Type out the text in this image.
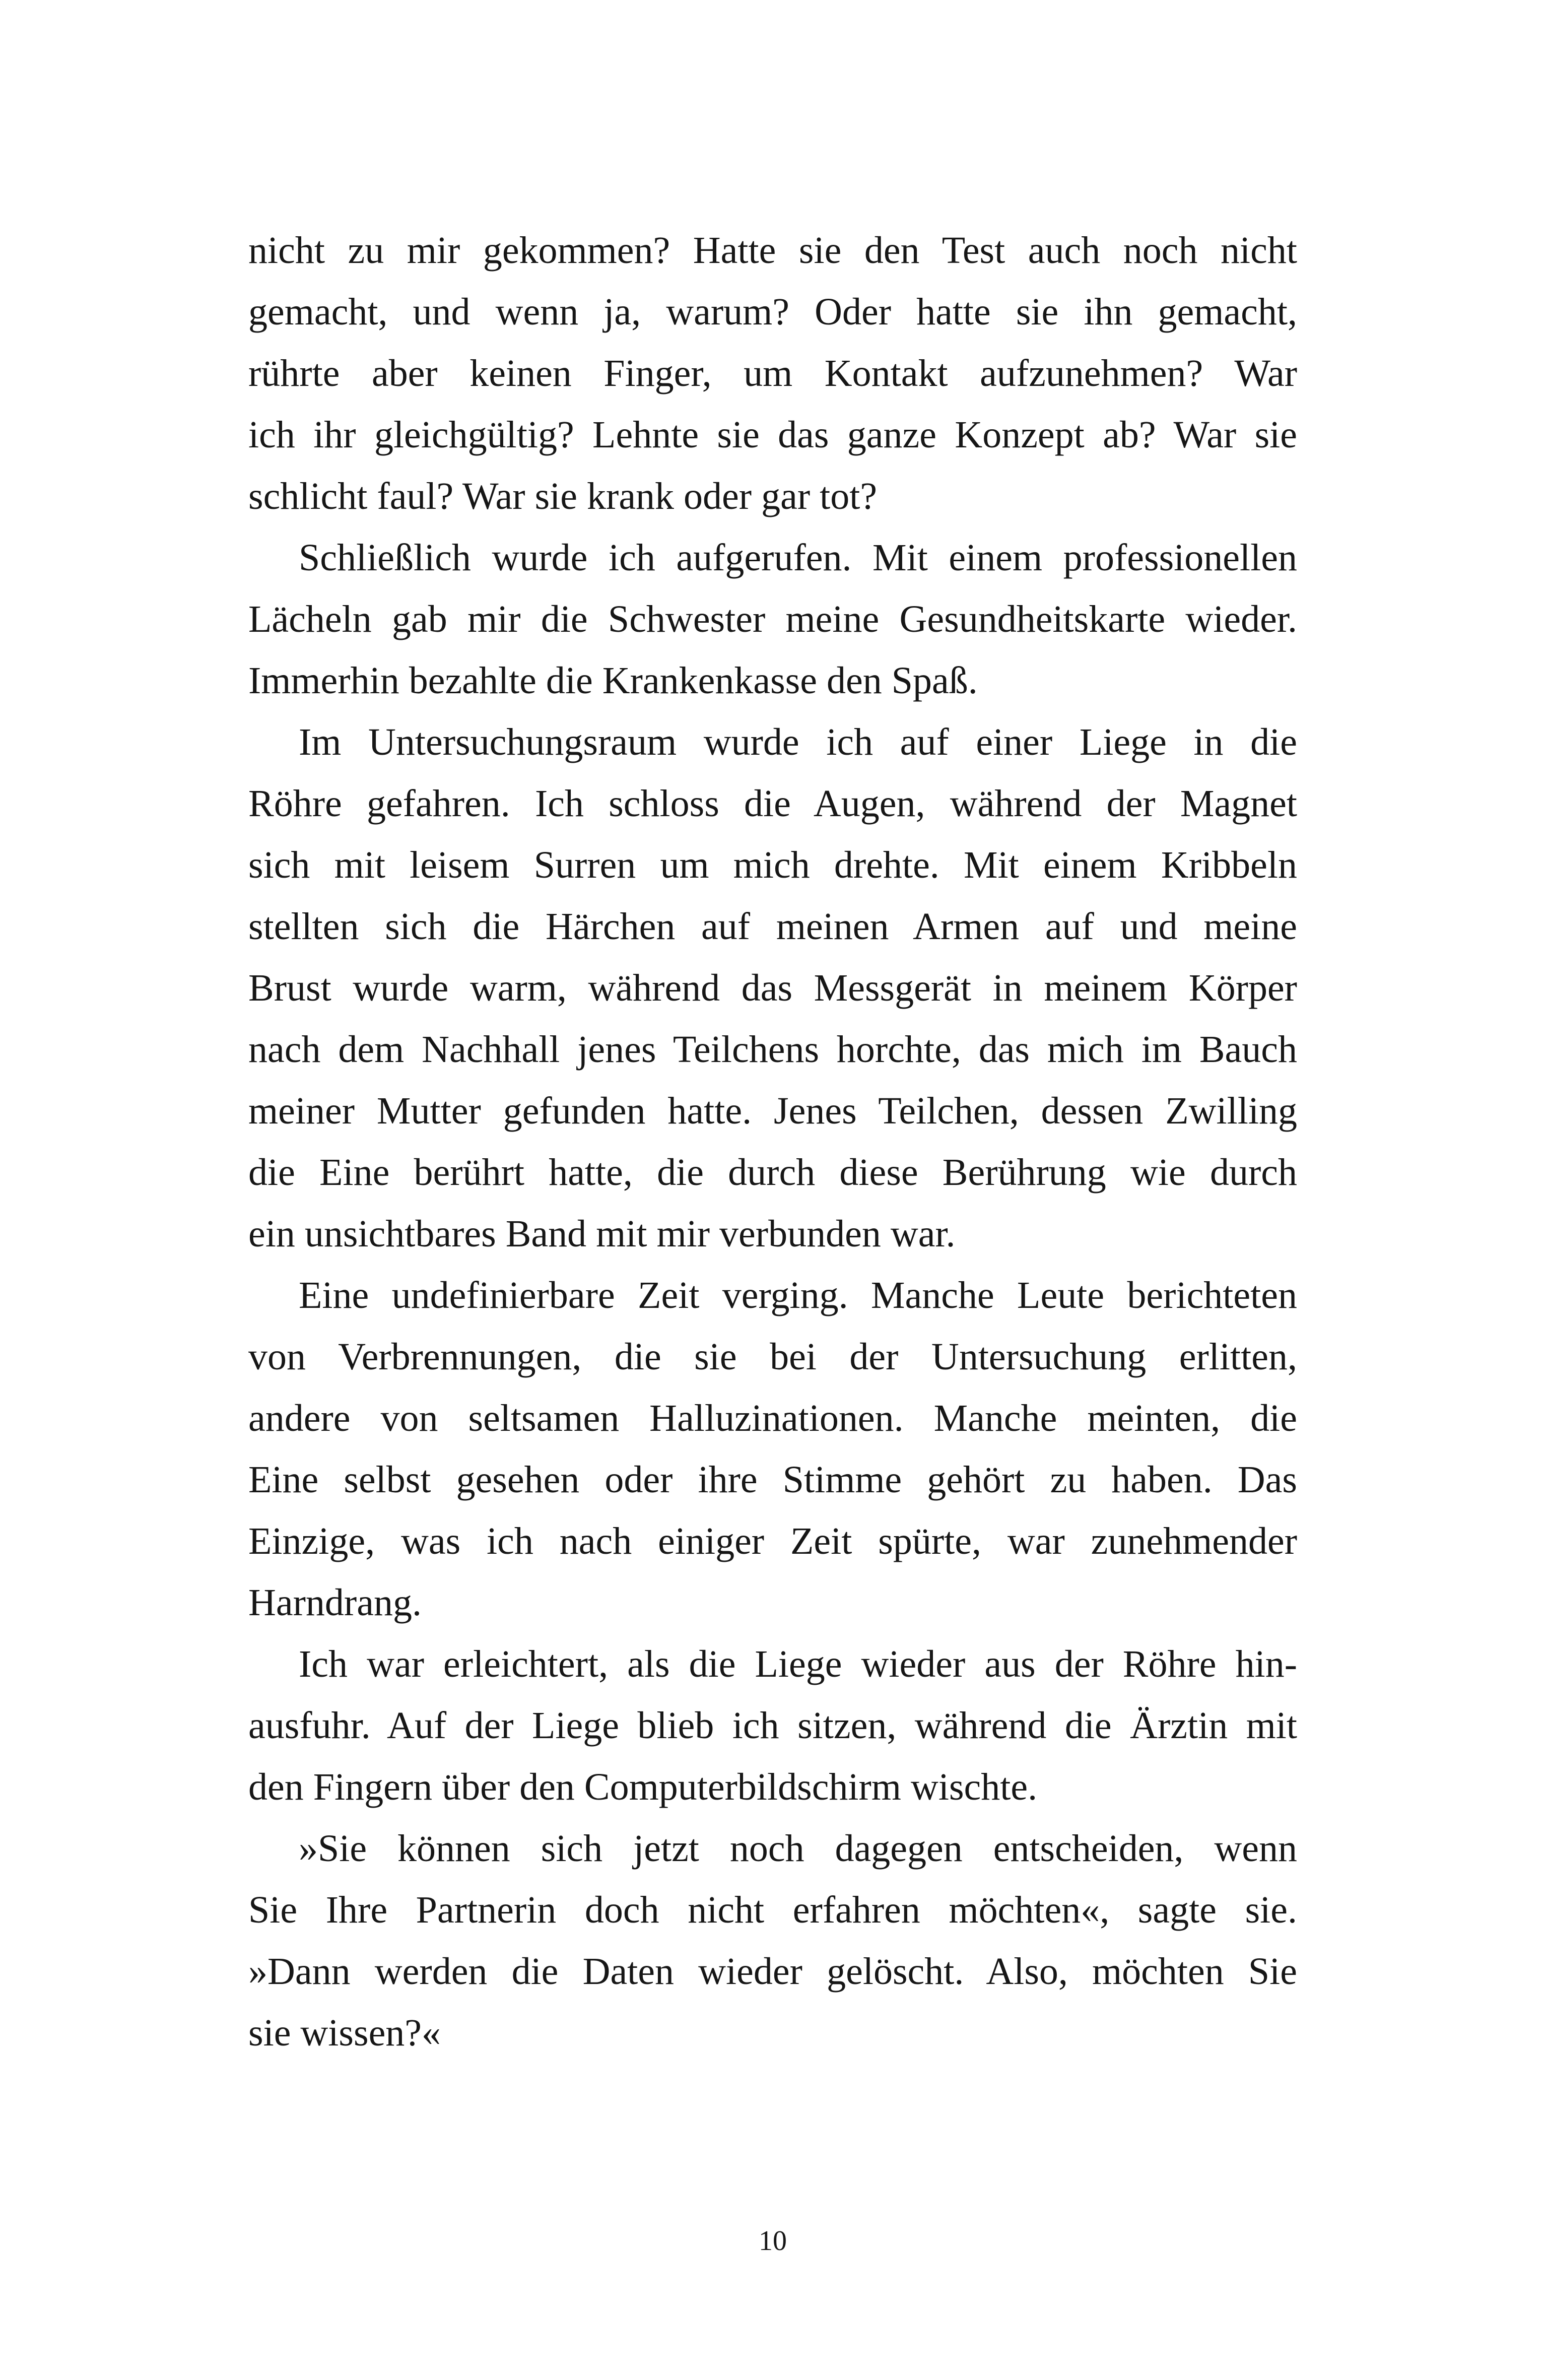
nicht zu mir gekommen? Hatte sie den Test auch noch nicht
gemacht, und wenn ja, warum? Oder hatte sie ihn gemacht,
rührte aber keinen Finger, um Kontakt aufzunehmen? War
ich ihr gleichgültig? Lehnte sie das ganze Konzept ab? War sie
schlicht faul? War sie krank oder gar tot?
Schließlich wurde ich aufgerufen. Mit einem professionellen
Lächeln gab mir die Schwester meine Gesundheitskarte wieder.
Immerhin bezahlte die Krankenkasse den Spaß.
Im Untersuchungsraum wurde ich auf einer Liege in die
Röhre gefahren. Ich schloss die Augen, während der Magnet
sich mit leisem Surren um mich drehte. Mit einem Kribbeln
stellten sich die Härchen auf meinen Armen auf und meine
Brust wurde warm, während das Messgerät in meinem Körper
nach dem Nachhall jenes Teilchens horchte, das mich im Bauch
meiner Mutter gefunden hatte. Jenes Teilchen, dessen Zwilling
die Eine berührt hatte, die durch diese Berührung wie durch
ein unsichtbares Band mit mir verbunden war.
Eine undefinierbare Zeit verging. Manche Leute berichteten
von Verbrennungen, die sie bei der Untersuchung erlitten,
andere von seltsamen Halluzinationen. Manche meinten, die
Eine selbst gesehen oder ihre Stimme gehört zu haben. Das
Einzige, was ich nach einiger Zeit spürte, war zunehmender
Harndrang.
Ich war erleichtert, als die Liege wieder aus der Röhre hin-
ausfuhr. Auf der Liege blieb ich sitzen, während die Ärztin mit
den Fingern über den Computerbildschirm wischte.
»Sie können sich jetzt noch dagegen entscheiden, wenn
Sie Ihre Partnerin doch nicht erfahren möchten«, sagte sie.
»Dann werden die Daten wieder gelöscht. Also, möchten Sie
sie wissen?«
10
